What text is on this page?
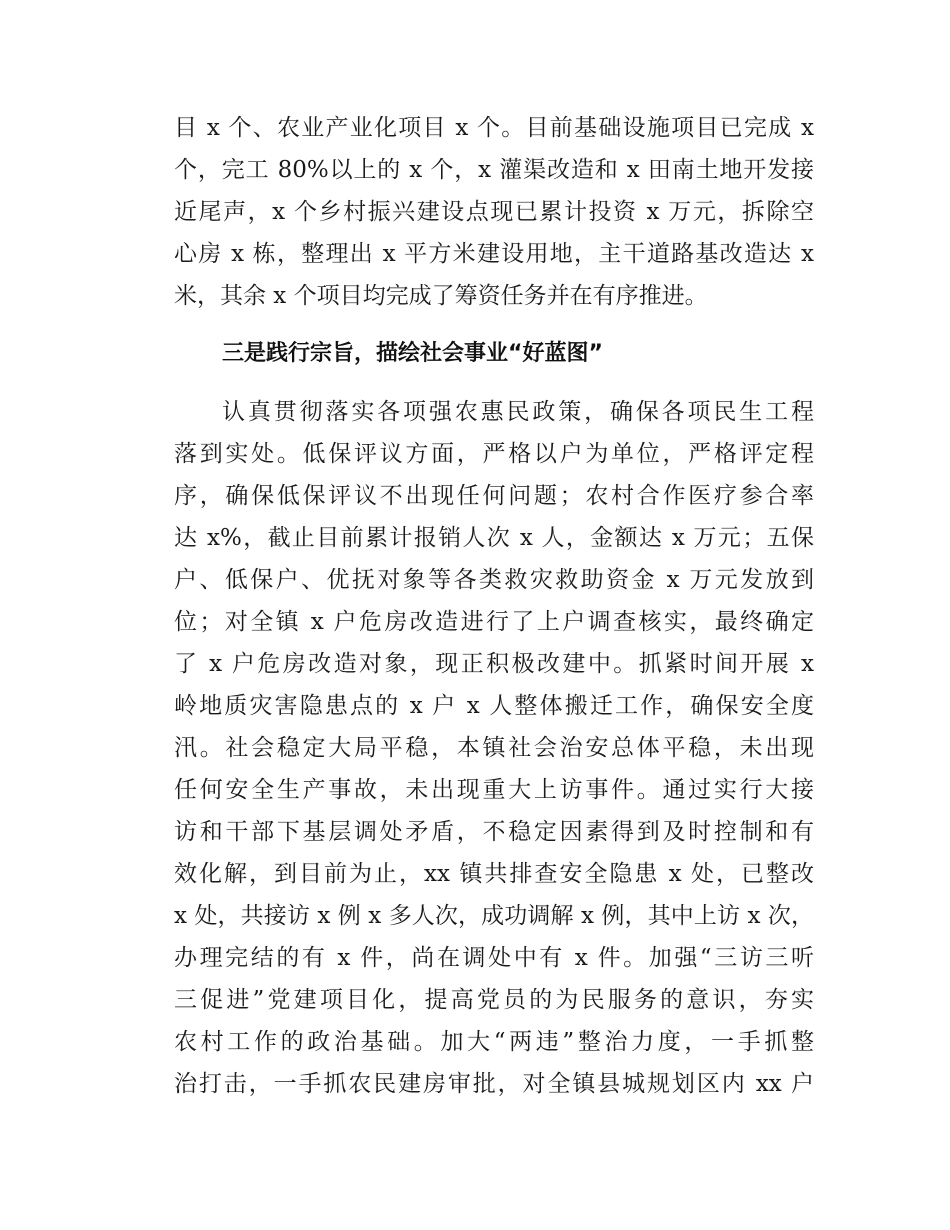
目 x 个、农业产业化项目 x 个。目前基础设施项目已完成 x
个，完工 80%以上的 x 个，x 灌渠改造和 x 田南土地开发接
近尾声，x 个乡村振兴建设点现已累计投资 x 万元，拆除空
心房 x 栋，整理出 x 平方米建设用地，主干道路基改造达 x
米，其余 x 个项目均完成了筹资任务并在有序推进。
三是践行宗旨，描绘社会事业“好蓝图”
认真贯彻落实各项强农惠民政策，确保各项民生工程
落到实处。低保评议方面，严格以户为单位，严格评定程
序，确保低保评议不出现任何问题；农村合作医疗参合率
达 x%，截止目前累计报销人次 x 人，金额达 x 万元；五保
户、低保户、优抚对象等各类救灾救助资金 x 万元发放到
位；对全镇 x 户危房改造进行了上户调查核实，最终确定
了 x 户危房改造对象，现正积极改建中。抓紧时间开展 x
岭地质灾害隐患点的 x 户 x 人整体搬迁工作，确保安全度
汛。社会稳定大局平稳，本镇社会治安总体平稳，未出现
任何安全生产事故，未出现重大上访事件。通过实行大接
访和干部下基层调处矛盾，不稳定因素得到及时控制和有
效化解，到目前为止，xx 镇共排查安全隐患 x 处，已整改
x 处，共接访 x 例 x 多人次，成功调解 x 例，其中上访 x 次，
办理完结的有 x 件，尚在调处中有 x 件。加强“三访三听
三促进”党建项目化，提高党员的为民服务的意识，夯实
农村工作的政治基础。加大“两违”整治力度，一手抓整
治打击，一手抓农民建房审批，对全镇县城规划区内 xx 户
